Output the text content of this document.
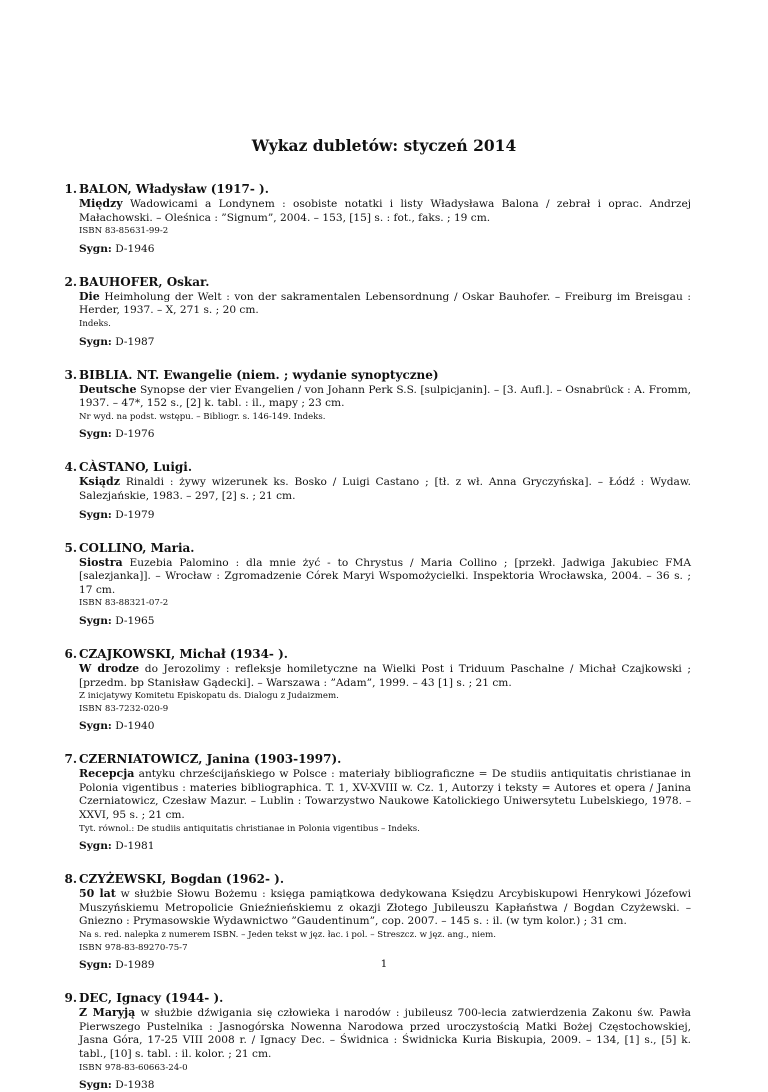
Wykaz dubletów: styczeń 2014
1. BALON, Władysław (1917- ).
Między Wadowicami a Londynem : osobiste notatki i listy Władysława Balona / zebrał i oprac. Andrzej Małachowski. – Oleśnica : ”Signum”, 2004. – 153, [15] s. : fot., faks. ; 19 cm.
ISBN 83-85631-99-2
Sygn: D-1946
2. BAUHOFER, Oskar.
Die Heimholung der Welt : von der sakramentalen Lebensordnung / Oskar Bauhofer. – Freiburg im Breisgau : Herder, 1937. – X, 271 s. ; 20 cm.
Indeks.
Sygn: D-1987
3. BIBLIA. NT. Ewangelie (niem. ; wydanie synoptyczne)
Deutsche Synopse der vier Evangelien / von Johann Perk S.S. [sulpicjanin]. – [3. Aufl.]. – Osnabrück : A. Fromm, 1937. – 47*, 152 s., [2] k. tabl. : il., mapy ; 23 cm.
Nr wyd. na podst. wstępu. – Bibliogr. s. 146-149. Indeks.
Sygn: D-1976
4. CÀSTANO, Luigi.
Ksiądz Rinaldi : żywy wizerunek ks. Bosko / Luigi Castano ; [tł. z wł. Anna Gryczyńska]. – Łódź : Wydaw. Salezjańskie, 1983. – 297, [2] s. ; 21 cm.
Sygn: D-1979
5. COLLINO, Maria.
Siostra Euzebia Palomino : dla mnie żyć - to Chrystus / Maria Collino ; [przekł. Jadwiga Jakubiec FMA [salezjanka]]. – Wrocław : Zgromadzenie Córek Maryi Wspomożycielki. Inspektoria Wrocławska, 2004. – 36 s. ; 17 cm.
ISBN 83-88321-07-2
Sygn: D-1965
6. CZAJKOWSKI, Michał (1934- ).
W drodze do Jerozolimy : refleksje homiletyczne na Wielki Post i Triduum Paschalne / Michał Czajkowski ; [przedm. bp Stanisław Gądecki]. – Warszawa : ”Adam”, 1999. – 43 [1] s. ; 21 cm.
Z inicjatywy Komitetu Episkopatu ds. Dialogu z Judaizmem.
ISBN 83-7232-020-9
Sygn: D-1940
7. CZERNIATOWICZ, Janina (1903-1997).
Recepcja antyku chrześcijańskiego w Polsce : materiały bibliograficzne = De studiis antiquitatis christianae in Polonia vigentibus : materies bibliographica. T. 1, XV-XVIII w. Cz. 1, Autorzy i teksty = Autores et opera / Janina Czerniatowicz, Czesław Mazur. – Lublin : Towarzystwo Naukowe Katolickiego Uniwersytetu Lubelskiego, 1978. – XXVI, 95 s. ; 21 cm.
Tyt. równol.: De studiis antiquitatis christianae in Polonia vigentibus – Indeks.
Sygn: D-1981
8. CZYŻEWSKI, Bogdan (1962- ).
50 lat w służbie Słowu Bożemu : księga pamiątkowa dedykowana Księdzu Arcybiskupowi Henrykowi Józefowi Muszyńskiemu Metropolicie Gnieźnieńskiemu z okazji Złotego Jubileuszu Kapłaństwa / Bogdan Czyżewski. – Gniezno : Prymasowskie Wydawnictwo ”Gaudentinum”, cop. 2007. – 145 s. : il. (w tym kolor.) ; 31 cm.
Na s. red. nalepka z numerem ISBN. – Jeden tekst w jęz. łac. i pol. – Streszcz. w jęz. ang., niem.
ISBN 978-83-89270-75-7
Sygn: D-1989
9. DEC, Ignacy (1944- ).
Z Maryją w służbie dźwigania się człowieka i narodów : jubileusz 700-lecia zatwierdzenia Zakonu św. Pawła Pierwszego Pustelnika : Jasnogórska Nowenna Narodowa przed uroczystością Matki Bożej Częstochowskiej, Jasna Góra, 17-25 VIII 2008 r. / Ignacy Dec. – Świdnica : Świdnicka Kuria Biskupia, 2009. – 134, [1] s., [5] k. tabl., [10] s. tabl. : il. kolor. ; 21 cm.
ISBN 978-83-60663-24-0
Sygn: D-1938
1
